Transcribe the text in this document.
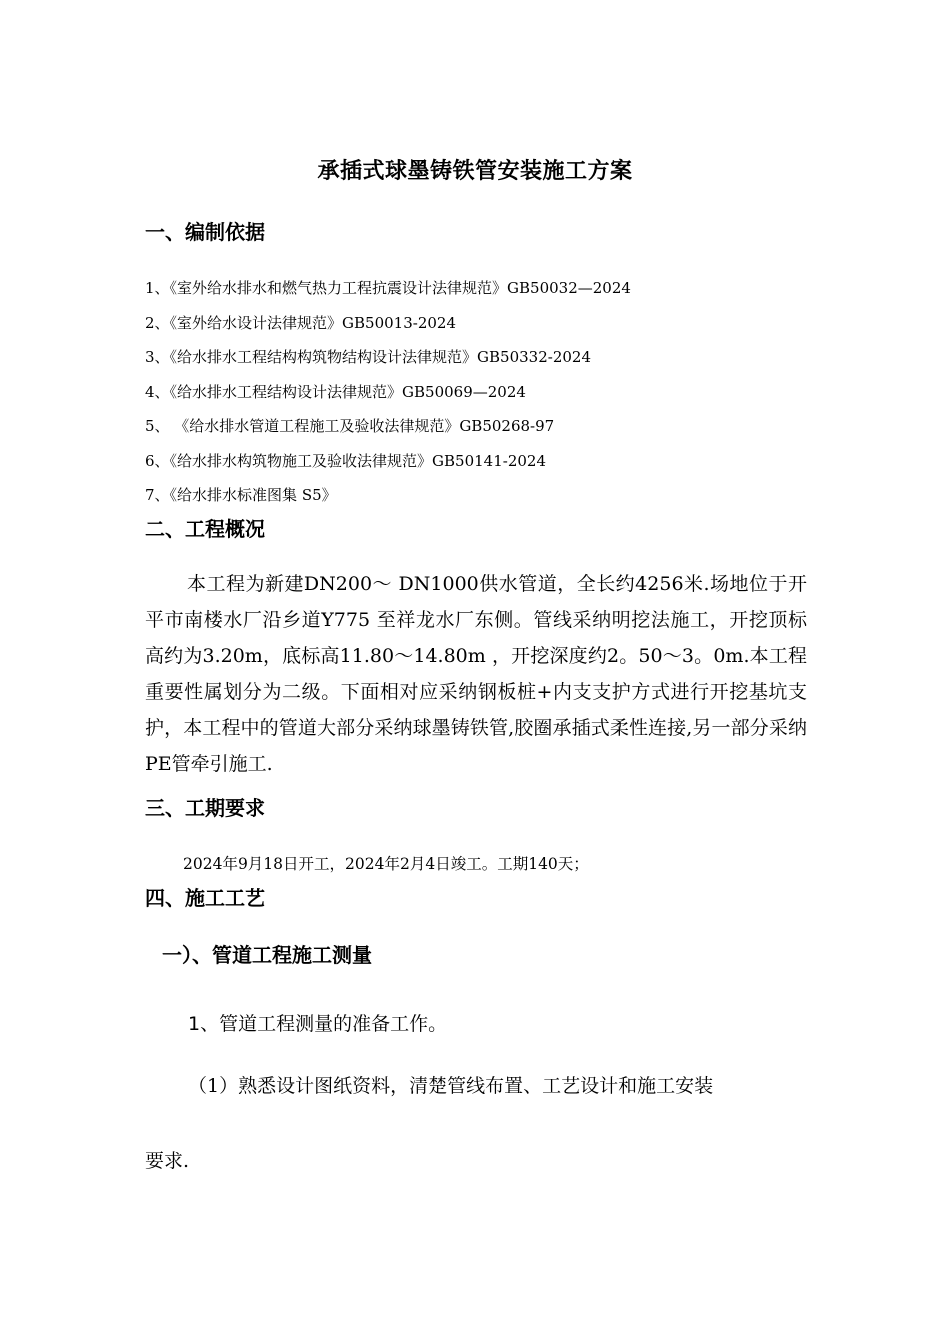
承插式球墨铸铁管安装施工方案
一、编制依据
1、《室外给水排水和燃气热力工程抗震设计法律规范》GB50032—2024
2、《室外给水设计法律规范》GB50013-2024
3、《给水排水工程结构构筑物结构设计法律规范》GB50332-2024
4、《给水排水工程结构设计法律规范》GB50069—2024
5、 《给水排水管道工程施工及验收法律规范》GB50268-97
6、《给水排水构筑物施工及验收法律规范》GB50141-2024
7、《给水排水标准图集 S5》
二、工程概况

本工程为新建DN200～ DN1000供水管道，全长约4256米.场地位于开平市南楼水厂沿乡道Y775 至祥龙水厂东侧。管线采纳明挖法施工，开挖顶标高约为3.20m，底标高11.80～14.80m ，开挖深度约2。50～3。0m.本工程重要性属划分为二级。下面相对应采纳钢板桩+内支支护方式进行开挖基坑支护，本工程中的管道大部分采纳球墨铸铁管,胶圈承插式柔性连接,另一部分采纳PE管牵引施工.

三、工期要求
2024年9月18日开工，2024年2月4日竣工。工期140天；
四、施工工艺
一）、管道工程施工测量
1、管道工程测量的准备工作。
（1）熟悉设计图纸资料，清楚管线布置、工艺设计和施工安装
要求.
